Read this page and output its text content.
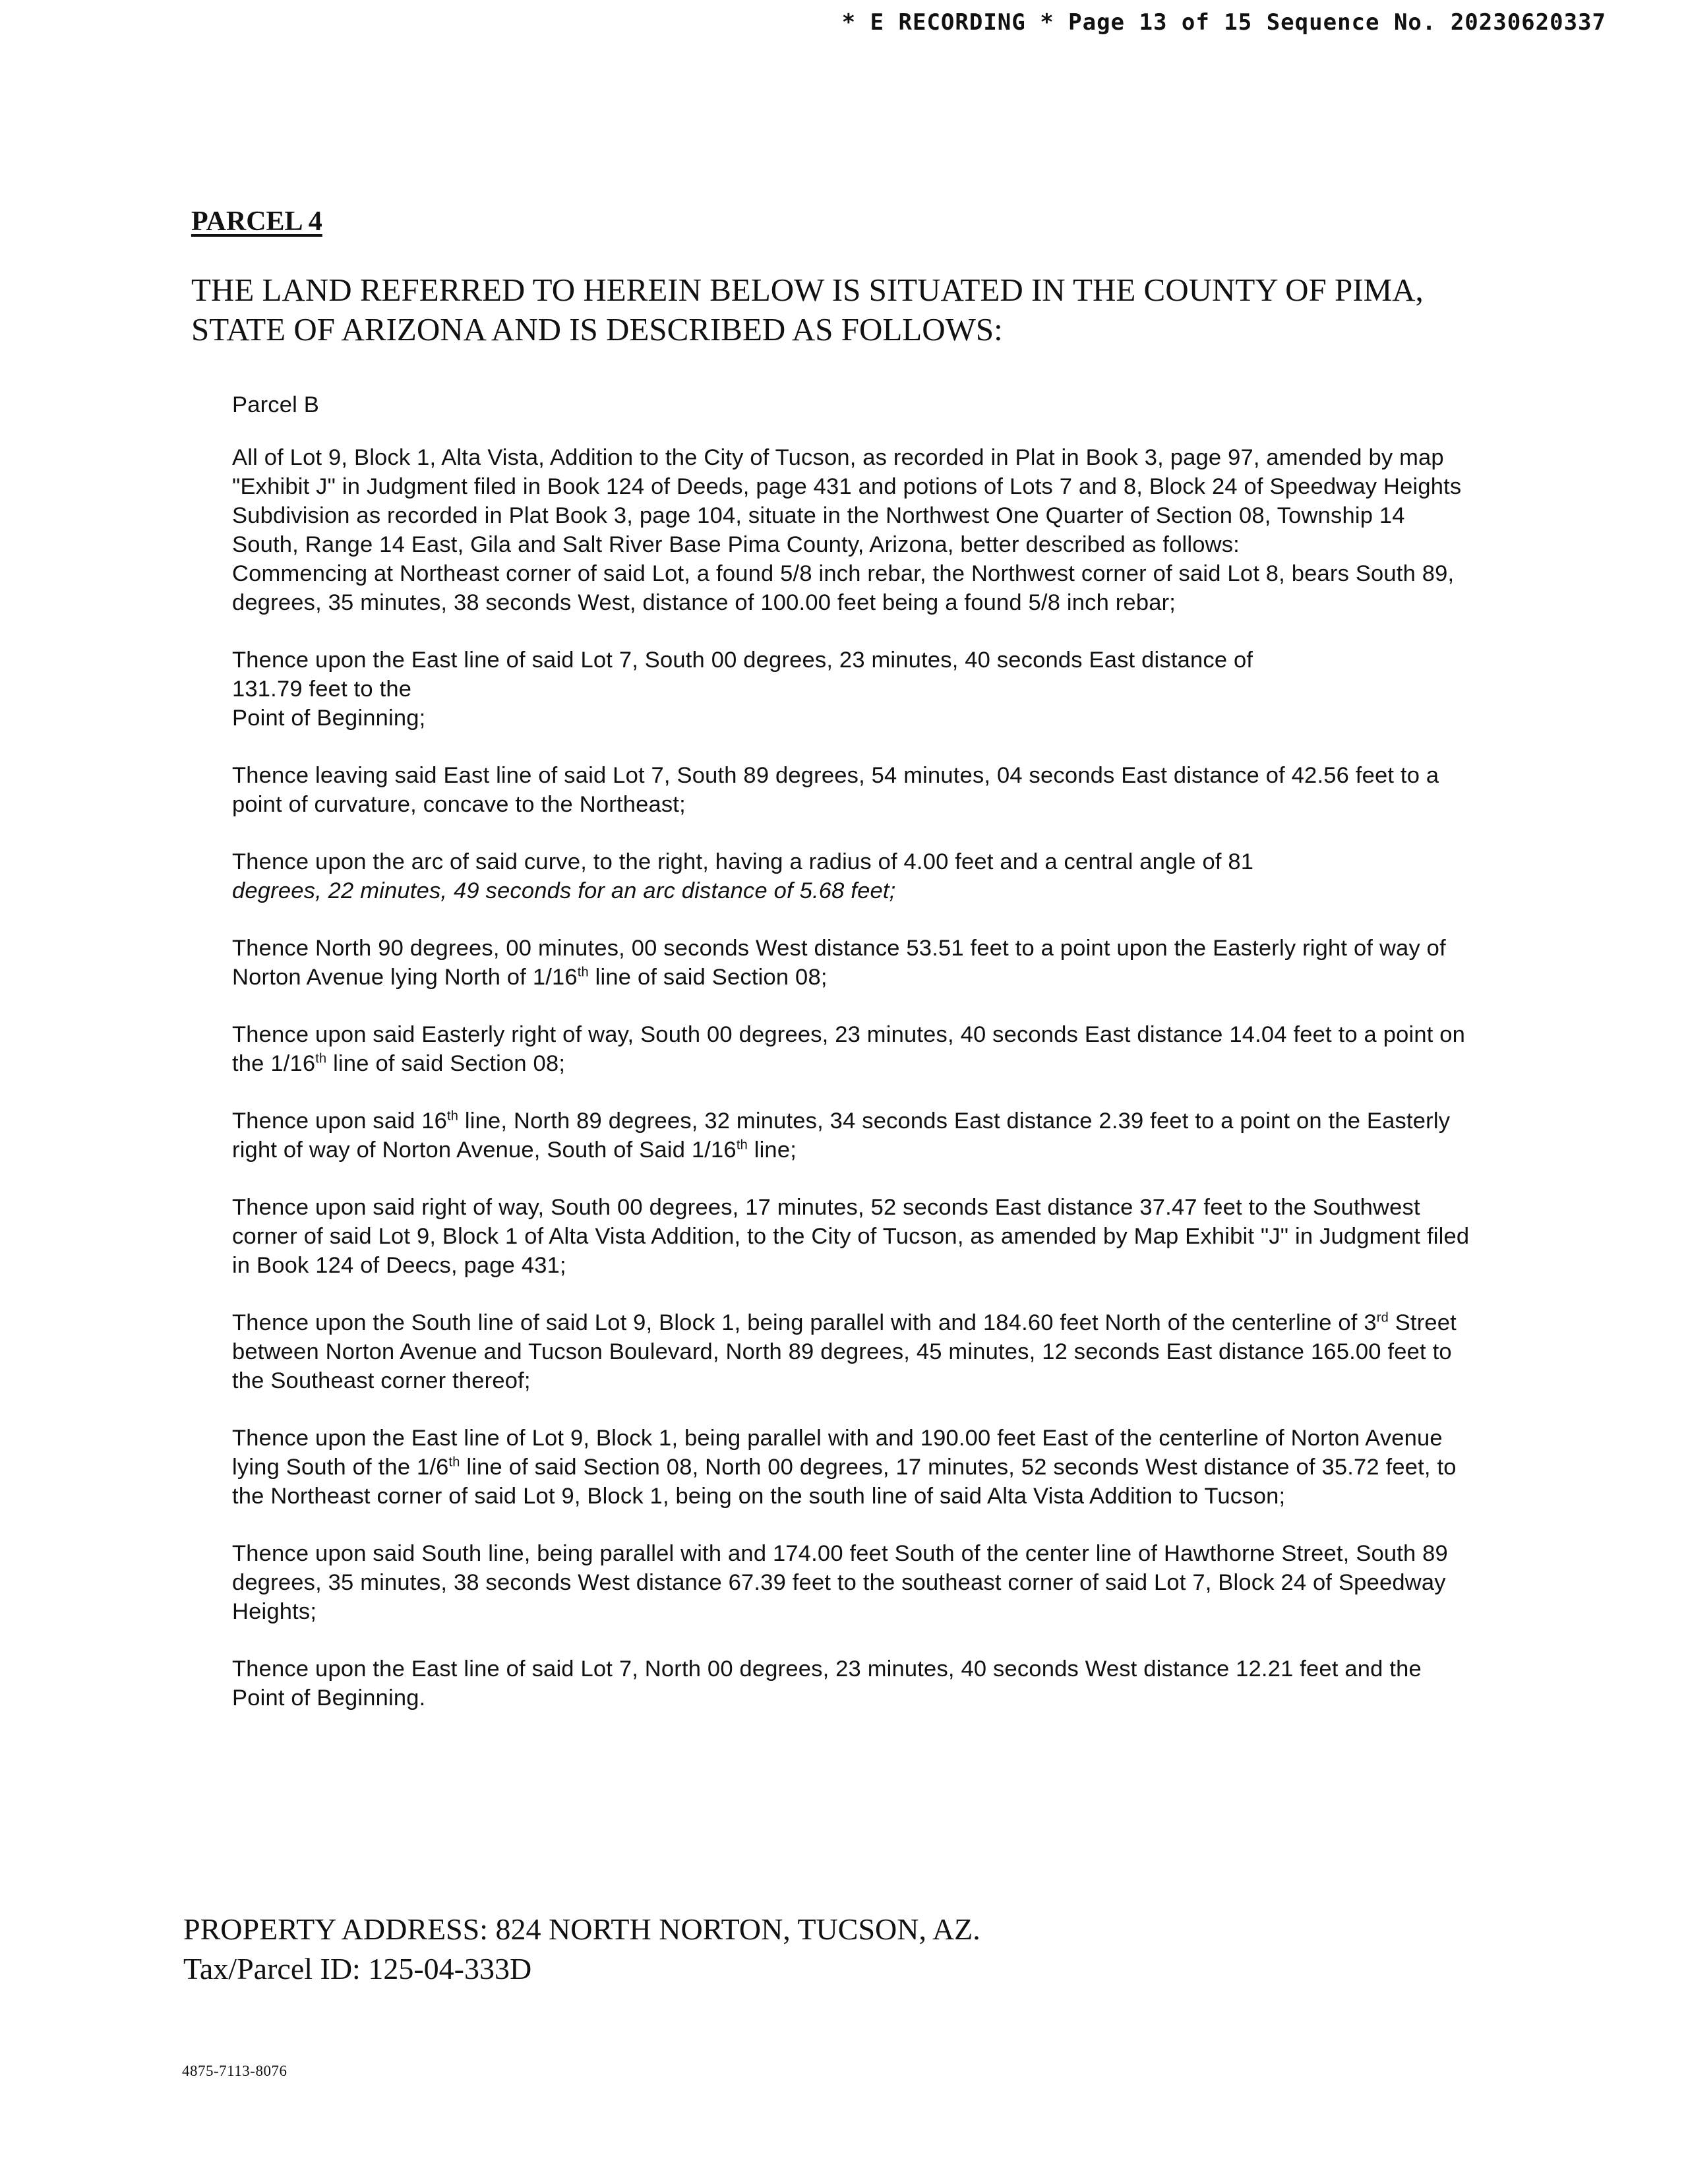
* E RECORDING * Page 13 of 15 Sequence No. 20230620337
PARCEL 4
THE LAND REFERRED TO HEREIN BELOW IS SITUATED IN THE COUNTY OF PIMA,
STATE OF ARIZONA AND IS DESCRIBED AS FOLLOWS:
Parcel B

All of Lot 9, Block 1, Alta Vista, Addition to the City of Tucson, as recorded in Plat in Book 3, page 97, amended by map "Exhibit J" in Judgment filed in Book 124 of Deeds, page 431 and potions of Lots 7 and 8, Block 24 of Speedway Heights Subdivision as recorded in Plat Book 3, page 104, situate in the Northwest One Quarter of Section 08, Township 14 South, Range 14 East, Gila and Salt River Base Pima County, Arizona, better described as follows:

Commencing at Northeast corner of said Lot, a found 5/8 inch rebar, the Northwest corner of said Lot 8, bears South 89, degrees, 35 minutes, 38 seconds West, distance of 100.00 feet being a found 5/8 inch rebar;

Thence upon the East line of said Lot 7, South 00 degrees, 23 minutes, 40 seconds East distance of
131.79 feet to the
Point of Beginning;

Thence leaving said East line of said Lot 7, South 89 degrees, 54 minutes, 04 seconds East distance of 42.56 feet to a point of curvature, concave to the Northeast;

Thence upon the arc of said curve, to the right, having a radius of 4.00 feet and a central angle of 81
degrees, 22 minutes, 49 seconds for an arc distance of 5.68 feet;

Thence North 90 degrees, 00 minutes, 00 seconds West distance 53.51 feet to a point upon the Easterly right of way of Norton Avenue lying North of 1/16th line of said Section 08;

Thence upon said Easterly right of way, South 00 degrees, 23 minutes, 40 seconds East distance 14.04 feet to a point on the 1/16th line of said Section 08;

Thence upon said 16th line, North 89 degrees, 32 minutes, 34 seconds East distance 2.39 feet to a point on the Easterly right of way of Norton Avenue, South of Said 1/16th line;

Thence upon said right of way, South 00 degrees, 17 minutes, 52 seconds East distance 37.47 feet to the Southwest corner of said Lot 9, Block 1 of Alta Vista Addition, to the City of Tucson, as amended by Map Exhibit "J" in Judgment filed in Book 124 of Deecs, page 431;

Thence upon the South line of said Lot 9, Block 1, being parallel with and 184.60 feet North of the centerline of 3rd Street between Norton Avenue and Tucson Boulevard, North 89 degrees, 45 minutes, 12 seconds East distance 165.00 feet to the Southeast corner thereof;

Thence upon the East line of Lot 9, Block 1, being parallel with and 190.00 feet East of the centerline of Norton Avenue lying South of the 1/6th line of said Section 08, North 00 degrees, 17 minutes, 52 seconds West distance of 35.72 feet, to the Northeast corner of said Lot 9, Block 1, being on the south line of said Alta Vista Addition to Tucson;

Thence upon said South line, being parallel with and 174.00 feet South of the center line of Hawthorne Street, South 89 degrees, 35 minutes, 38 seconds West distance 67.39 feet to the southeast corner of said Lot 7, Block 24 of Speedway Heights;

Thence upon the East line of said Lot 7, North 00 degrees, 23 minutes, 40 seconds West distance 12.21 feet and the Point of Beginning.

PROPERTY ADDRESS: 824 NORTH NORTON, TUCSON, AZ.
Tax/Parcel ID: 125-04-333D
4875-7113-8076
